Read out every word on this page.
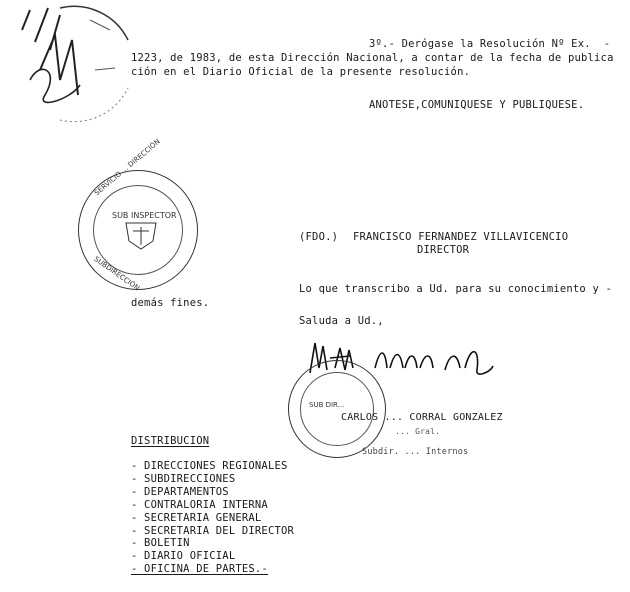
3º.- Derógase la Resolución Nº Ex.  -
1223, de 1983, de esta Dirección Nacional, a contar de la fecha de publica
ción en el Diario Oficial de la presente resolución.
ANOTESE,COMUNIQUESE Y PUBLIQUESE.
SERVICIO ... DIRECCIÓN
SUB INSPECTOR
SUBDIRECCIÓN
(FDO.) FRANCISCO FERNANDEZ VILLAVICENCIO
DIRECTOR
Lo que transcribo a Ud. para su conocimiento y -
demás fines.
Saluda a Ud.,
SUB DIR...
CARLOS ... CORRAL GONZALEZ
... Gral.
Subdir. ... Internos
DISTRIBUCION
- DIRECCIONES REGIONALES
- SUBDIRECCIONES
- DEPARTAMENTOS
- CONTRALORIA INTERNA
- SECRETARIA GENERAL
- SECRETARIA DEL DIRECTOR
- BOLETIN
- DIARIO OFICIAL
- OFICINA DE PARTES.-
